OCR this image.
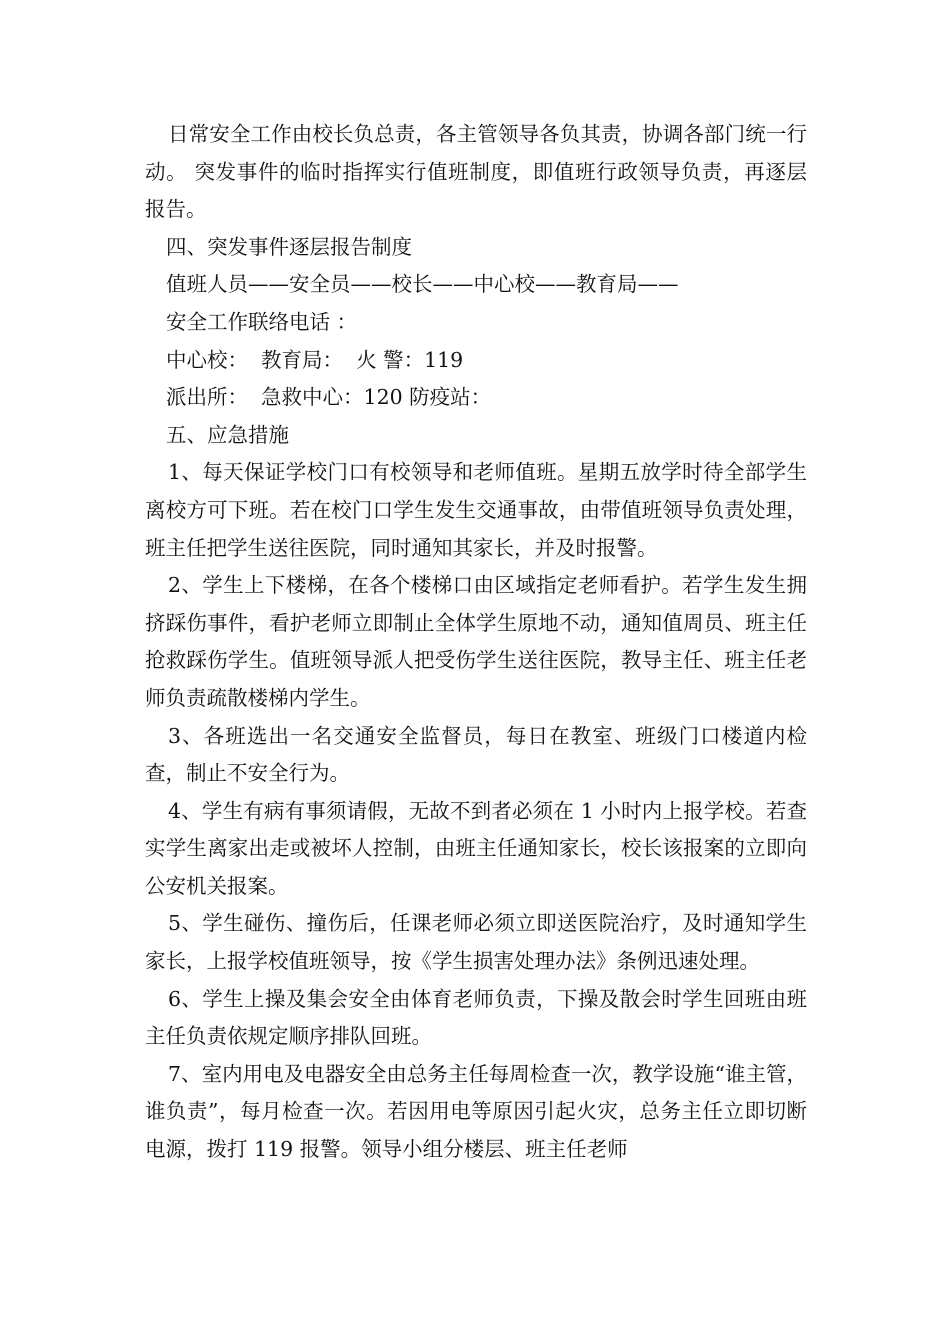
日常安全工作由校长负总责，各主管领导各负其责，协调各部门统一行动。 突发事件的临时指挥实行值班制度，即值班行政领导负责，再逐层报告。

四、突发事件逐层报告制度

值班人员——安全员——校长——中心校——教育局——

安全工作联络电话 ：

中心校：  教育局：  火 警：119

派出所：  急救中心：120 防疫站：

五、应急措施

1、每天保证学校门口有校领导和老师值班。星期五放学时待全部学生离校方可下班。若在校门口学生发生交通事故，由带值班领导负责处理，班主任把学生送往医院，同时通知其家长，并及时报警。

2、学生上下楼梯，在各个楼梯口由区域指定老师看护。若学生发生拥挤踩伤事件，看护老师立即制止全体学生原地不动，通知值周员、班主任抢救踩伤学生。值班领导派人把受伤学生送往医院，教导主任、班主任老师负责疏散楼梯内学生。

3、各班选出一名交通安全监督员，每日在教室、班级门口楼道内检查，制止不安全行为。

4、学生有病有事须请假，无故不到者必须在 1 小时内上报学校。若查实学生离家出走或被坏人控制，由班主任通知家长，校长该报案的立即向公安机关报案。

5、学生碰伤、撞伤后，任课老师必须立即送医院治疗，及时通知学生家长，上报学校值班领导，按《学生损害处理办法》条例迅速处理。

6、学生上操及集会安全由体育老师负责，下操及散会时学生回班由班主任负责依规定顺序排队回班。

7、室内用电及电器安全由总务主任每周检查一次，教学设施“谁主管，谁负责”，每月检查一次。若因用电等原因引起火灾，总务主任立即切断电源，拨打 119 报警。领导小组分楼层、班主任老师
